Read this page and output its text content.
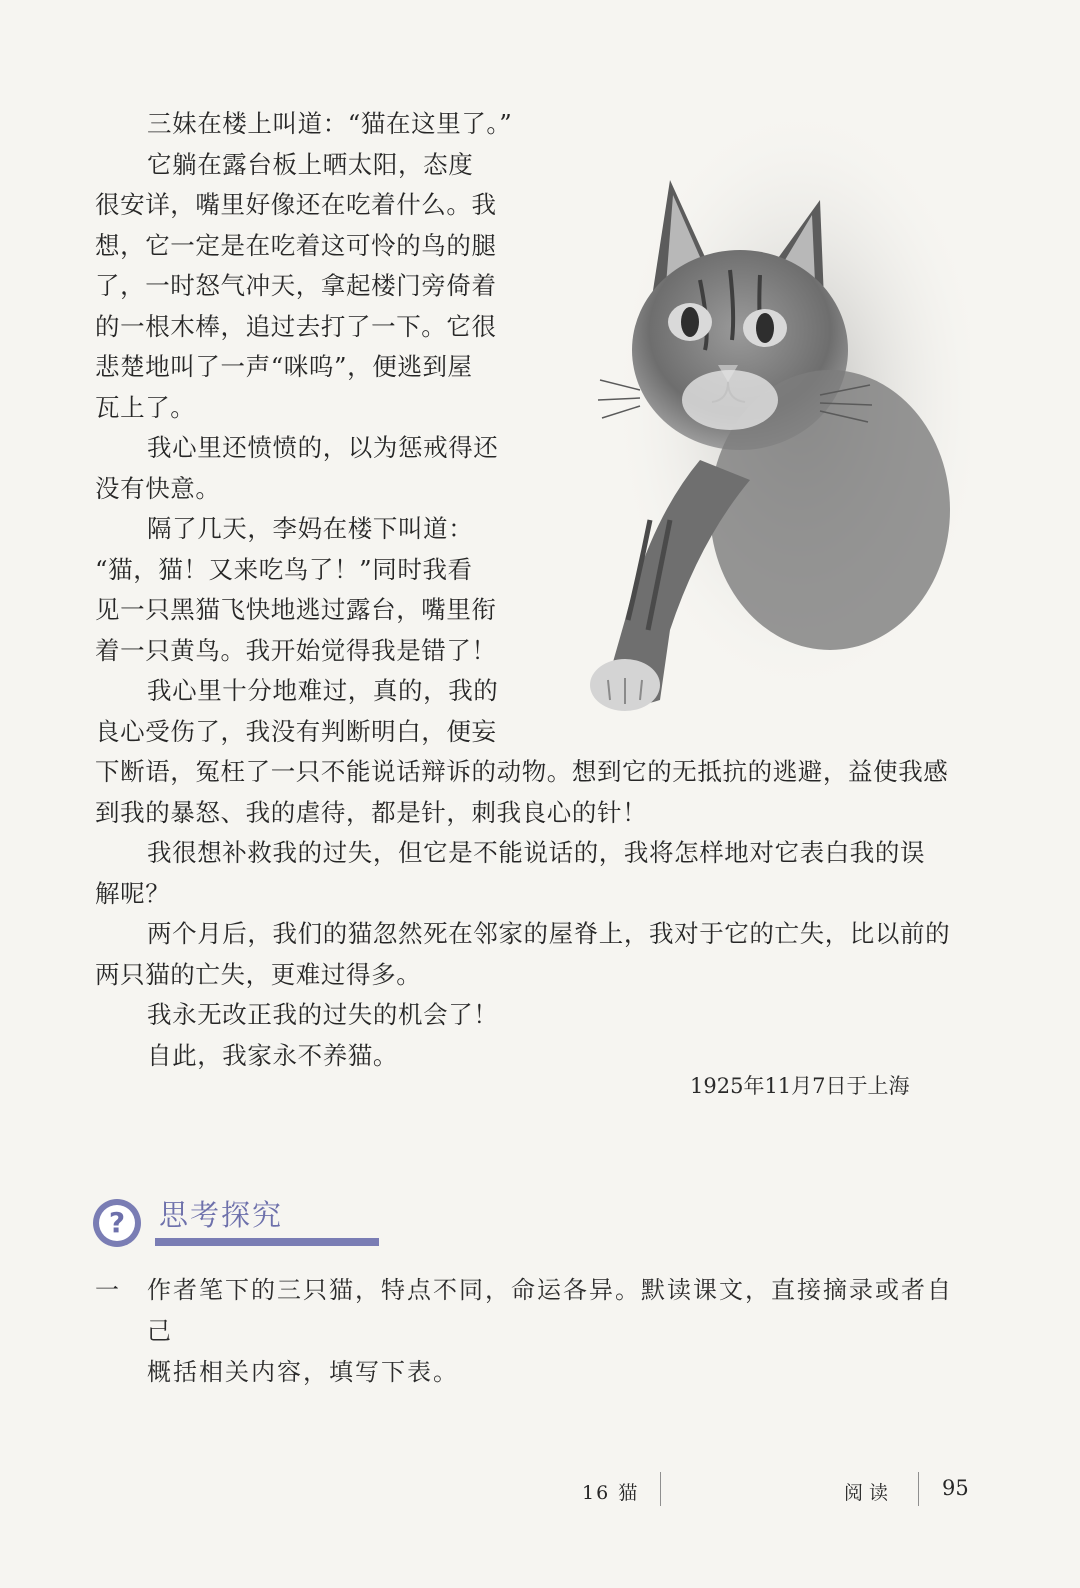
三妹在楼上叫道：“猫在这里了。”

它躺在露台板上晒太阳，态度

很安详，嘴里好像还在吃着什么。我

想，它一定是在吃着这可怜的鸟的腿

了，一时怒气冲天，拿起楼门旁倚着

的一根木棒，追过去打了一下。它很

悲楚地叫了一声“咪呜”，便逃到屋

瓦上了。

我心里还愤愤的，以为惩戒得还

没有快意。

隔了几天，李妈在楼下叫道：

“猫，猫！又来吃鸟了！”同时我看

见一只黑猫飞快地逃过露台，嘴里衔

着一只黄鸟。我开始觉得我是错了！

我心里十分地难过，真的，我的

良心受伤了，我没有判断明白，便妄

下断语，冤枉了一只不能说话辩诉的动物。想到它的无抵抗的逃避，益使我感

到我的暴怒、我的虐待，都是针，刺我良心的针！

我很想补救我的过失，但它是不能说话的，我将怎样地对它表白我的误

解呢？

两个月后，我们的猫忽然死在邻家的屋脊上，我对于它的亡失，比以前的

两只猫的亡失，更难过得多。

我永无改正我的过失的机会了！

自此，我家永不养猫。

1925年11月7日于上海
?	思考探究
一 作者笔下的三只猫，特点不同，命运各异。默读课文，直接摘录或者自己
概括相关内容，填写下表。
16 猫	阅读 95
